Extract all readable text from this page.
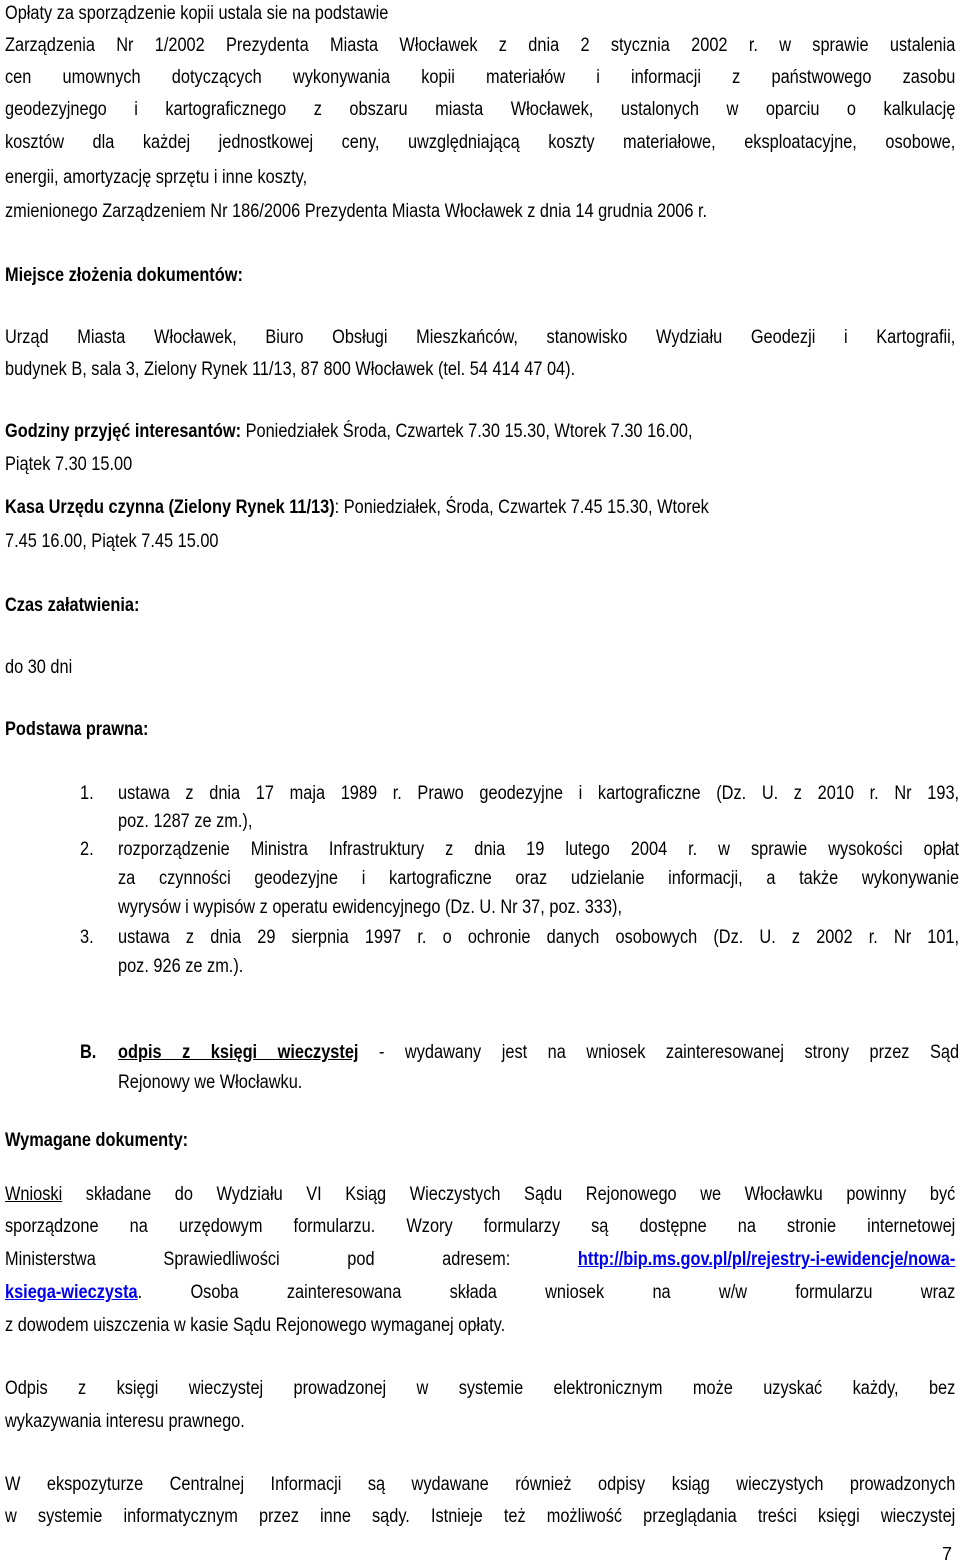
Opłaty za sporządzenie kopii ustala sie na podstawie
Zarządzenia Nr 1/2002 Prezydenta Miasta Włocławek z dnia 2 stycznia 2002 r. w sprawie ustalenia
cen umownych dotyczących wykonywania kopii materiałów i informacji z państwowego zasobu
geodezyjnego i kartograficznego z obszaru miasta Włocławek, ustalonych w oparciu o kalkulację
kosztów dla każdej jednostkowej ceny, uwzględniającą koszty materiałowe, eksploatacyjne, osobowe,
energii, amortyzację sprzętu i inne koszty,
zmienionego Zarządzeniem Nr 186/2006 Prezydenta Miasta Włocławek z dnia 14 grudnia 2006 r.
Miejsce złożenia dokumentów:
Urząd Miasta Włocławek, Biuro Obsługi Mieszkańców, stanowisko Wydziału Geodezji i Kartografii,
budynek B, sala 3, Zielony Rynek 11/13, 87 800 Włocławek (tel. 54 414 47 04).
Godziny przyjęć interesantów: Poniedziałek Środa, Czwartek 7.30 15.30, Wtorek 7.30 16.00,
Piątek 7.30 15.00
Kasa Urzędu czynna (Zielony Rynek 11/13): Poniedziałek, Środa, Czwartek 7.45 15.30, Wtorek
7.45 16.00, Piątek 7.45 15.00
Czas załatwienia:
do 30 dni
Podstawa prawna:
1. ustawa z dnia 17 maja 1989 r. Prawo geodezyjne i kartograficzne (Dz. U. z 2010 r. Nr 193,
poz. 1287 ze zm.),
2. rozporządzenie Ministra Infrastruktury z dnia 19 lutego 2004 r. w sprawie wysokości opłat
za czynności geodezyjne i kartograficzne oraz udzielanie informacji, a także wykonywanie
wyrysów i wypisów z operatu ewidencyjnego (Dz. U. Nr 37, poz. 333),
3. ustawa z dnia 29 sierpnia 1997 r. o ochronie danych osobowych (Dz. U. z 2002 r. Nr 101,
poz. 926 ze zm.).
B. odpis z księgi wieczystej - wydawany jest na wniosek zainteresowanej strony przez Sąd
Rejonowy we Włocławku.
Wymagane dokumenty:
Wnioski składane do Wydziału VI Ksiąg Wieczystych Sądu Rejonowego we Włocławku powinny być
sporządzone na urzędowym formularzu. Wzory formularzy są dostępne na stronie internetowej
Ministerstwa Sprawiedliwości pod adresem: http://bip.ms.gov.pl/pl/rejestry-i-ewidencje/nowa-
ksiega-wieczysta. Osoba zainteresowana składa wniosek na w/w formularzu wraz
z dowodem uiszczenia w kasie Sądu Rejonowego wymaganej opłaty.
Odpis z księgi wieczystej prowadzonej w systemie elektronicznym może uzyskać każdy, bez
wykazywania interesu prawnego.
W ekspozyturze Centralnej Informacji są wydawane również odpisy ksiąg wieczystych prowadzonych
w systemie informatycznym przez inne sądy. Istnieje też możliwość przeglądania treści księgi wieczystej
7
